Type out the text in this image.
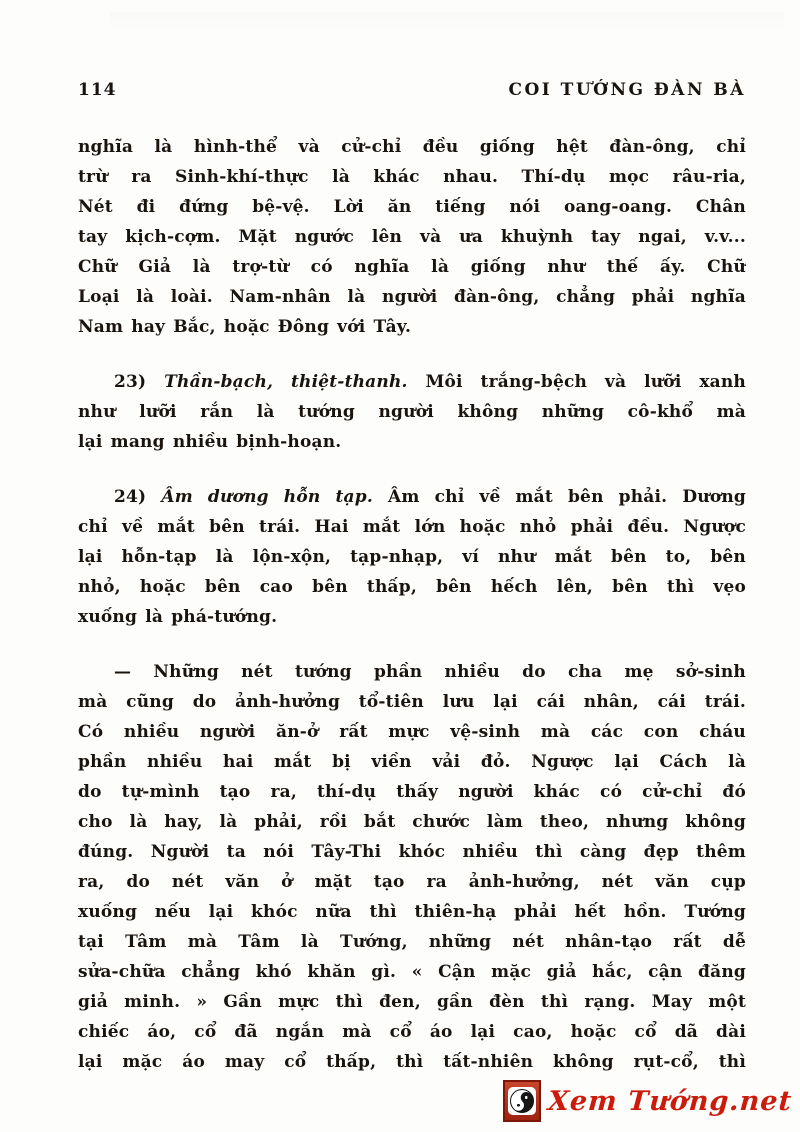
114	COI TƯỚNG ĐÀN BÀ
nghĩa là hình-thể và cử-chỉ đều giống hệt đàn-ông, chỉ
trừ ra Sinh-khí-thực là khác nhau. Thí-dụ mọc râu-ria,
Nét đi đứng bệ-vệ. Lời ăn tiếng nói oang-oang. Chân
tay kịch-cợm. Mặt ngước lên và ưa khuỳnh tay ngai, v.v...
Chữ Giả là trợ-từ có nghĩa là giống như thế ấy. Chữ
Loại là loài. Nam-nhân là người đàn-ông, chẳng phải nghĩa
Nam hay Bắc, hoặc Đông với Tây.
23) Thần-bạch, thiệt-thanh. Môi trắng-bệch và lưỡi xanh
như lưỡi rắn là tướng người không những cô-khổ mà
lại mang nhiều bịnh-hoạn.
24) Âm dương hỗn tạp. Âm chỉ về mắt bên phải. Dương
chỉ về mắt bên trái. Hai mắt lớn hoặc nhỏ phải đều. Ngược
lại hỗn-tạp là lộn-xộn, tạp-nhạp, ví như mắt bên to, bên
nhỏ, hoặc bên cao bên thấp, bên hếch lên, bên thì vẹo
xuống là phá-tướng.
— Những nét tướng phần nhiều do cha mẹ sở-sinh
mà cũng do ảnh-hưởng tổ-tiên lưu lại cái nhân, cái trái.
Có nhiều người ăn-ở rất mực vệ-sinh mà các con cháu
phần nhiều hai mắt bị viền vải đỏ. Ngược lại Cách là
do tự-mình tạo ra, thí-dụ thấy người khác có cử-chỉ đó
cho là hay, là phải, rồi bắt chước làm theo, nhưng không
đúng. Người ta nói Tây-Thi khóc nhiều thì càng đẹp thêm
ra, do nét văn ở mặt tạo ra ảnh-hưởng, nét văn cụp
xuống nếu lại khóc nữa thì thiên-hạ phải hết hồn. Tướng
tại Tâm mà Tâm là Tướng, những nét nhân-tạo rất dễ
sửa-chữa chẳng khó khăn gì. « Cận mặc giả hắc, cận đăng
giả minh. » Gần mực thì đen, gần đèn thì rạng. May một
chiếc áo, cổ đã ngắn mà cổ áo lại cao, hoặc cổ dã dài
lại mặc áo may cổ thấp, thì tất-nhiên không rụt-cổ, thì
Xem Tướng.net
